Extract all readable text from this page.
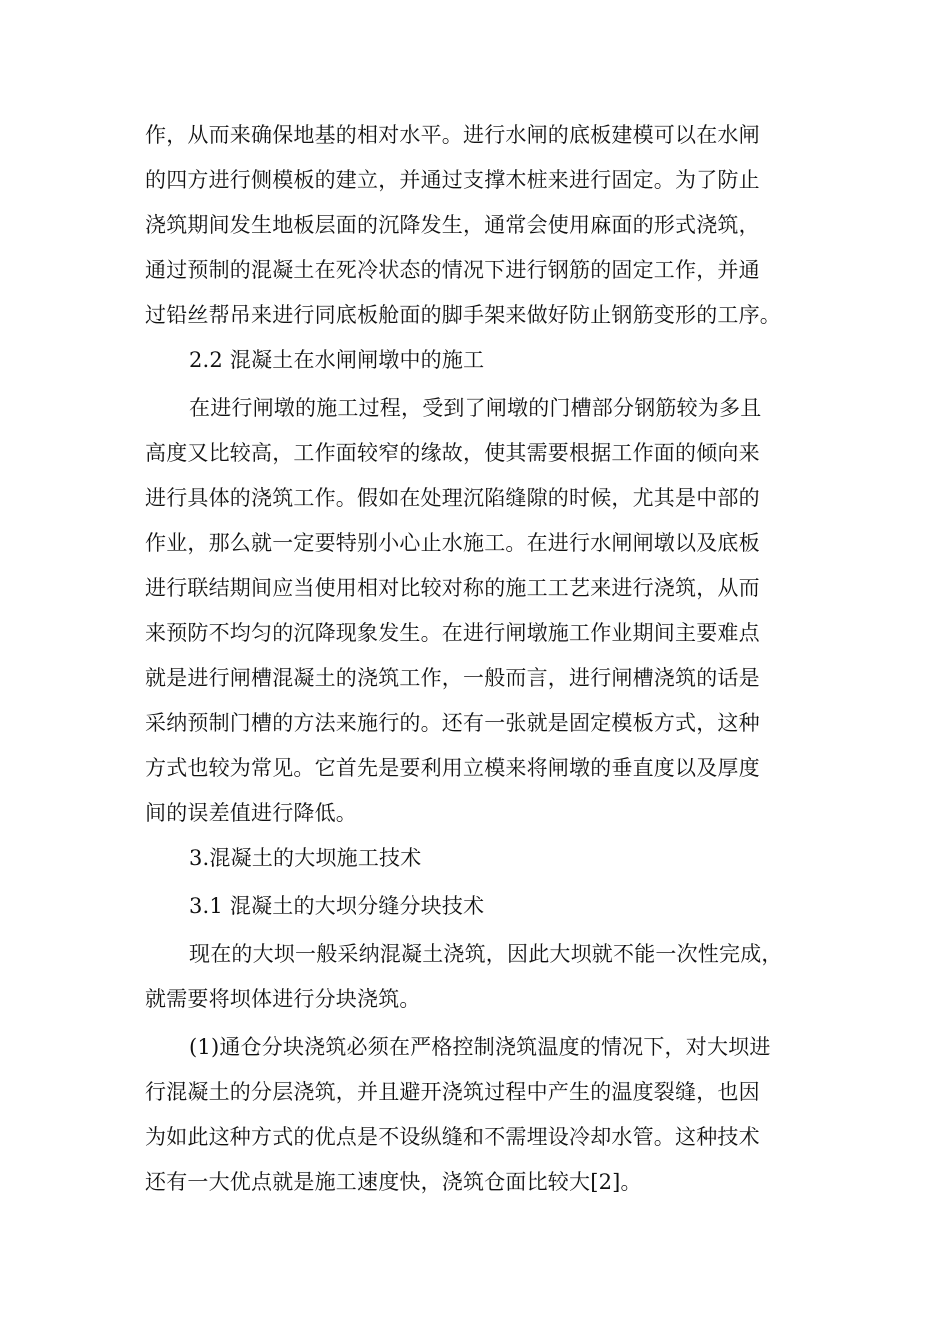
作，从而来确保地基的相对水平。进行水闸的底板建模可以在水闸
的四方进行侧模板的建立，并通过支撑木桩来进行固定。为了防止
浇筑期间发生地板层面的沉降发生，通常会使用麻面的形式浇筑，
通过预制的混凝土在死冷状态的情况下进行钢筋的固定工作，并通
过铅丝帮吊来进行同底板舱面的脚手架来做好防止钢筋变形的工序。
2.2 混凝土在水闸闸墩中的施工
在进行闸墩的施工过程，受到了闸墩的门槽部分钢筋较为多且
高度又比较高，工作面较窄的缘故，使其需要根据工作面的倾向来
进行具体的浇筑工作。假如在处理沉陷缝隙的时候，尤其是中部的
作业，那么就一定要特别小心止水施工。在进行水闸闸墩以及底板
进行联结期间应当使用相对比较对称的施工工艺来进行浇筑，从而
来预防不均匀的沉降现象发生。在进行闸墩施工作业期间主要难点
就是进行闸槽混凝土的浇筑工作，一般而言，进行闸槽浇筑的话是
采纳预制门槽的方法来施行的。还有一张就是固定模板方式，这种
方式也较为常见。它首先是要利用立模来将闸墩的垂直度以及厚度
间的误差值进行降低。
3.混凝土的大坝施工技术
3.1 混凝土的大坝分缝分块技术
现在的大坝一般采纳混凝土浇筑，因此大坝就不能一次性完成，
就需要将坝体进行分块浇筑。
(1)通仓分块浇筑必须在严格控制浇筑温度的情况下，对大坝进
行混凝土的分层浇筑，并且避开浇筑过程中产生的温度裂缝，也因
为如此这种方式的优点是不设纵缝和不需埋设冷却水管。这种技术
还有一大优点就是施工速度快，浇筑仓面比较大[2]。
